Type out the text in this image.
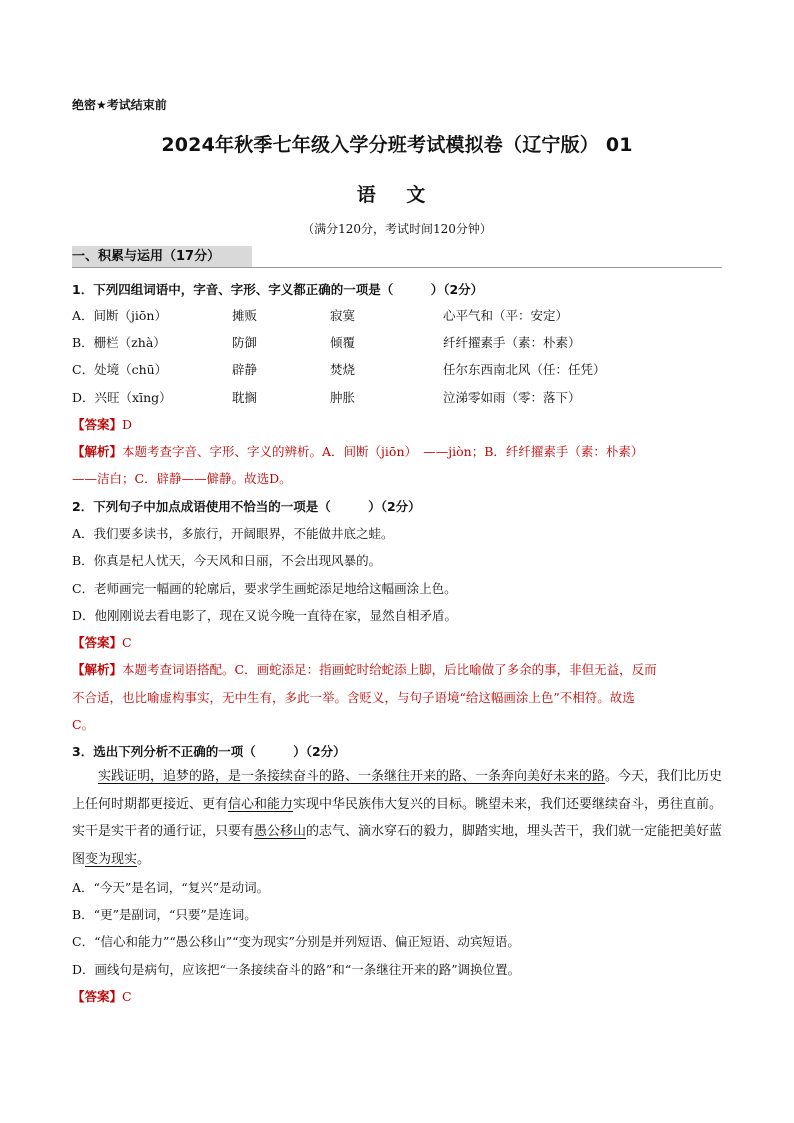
绝密★考试结束前
2024年秋季七年级入学分班考试模拟卷（辽宁版） 01
语 文
（满分120分，考试时间120分钟）
一、积累与运用（17分）
1．下列四组词语中，字音、字形、字义都正确的一项是（　　　）（2分）
A．间断（jiōn）	摊贩	寂寞	心平气和（平：安定）
B．栅栏（zhà）	防御	倾覆	纤纤擢素手（素：朴素）
C．处境（chū）	辟静	焚烧	任尔东西南北风（任：任凭）
D．兴旺（xīng）	耽搁	肿胀	泣涕零如雨（零：落下）
【答案】D
【解析】本题考查字音、字形、字义的辨析。A．间断（jiōn）　——jiòn；B．纤纤擢素手（素：朴素）
——洁白；C．辟静——僻静。故选D。
2．下列句子中加点成语使用不恰当的一项是（　　　）（2分）
A．我们要多读书，多旅行，开阔眼界，不能做井底之蛙。
B．你真是杞人忧天，今天风和日丽，不会出现风暴的。
C．老师画完一幅画的轮廓后，要求学生画蛇添足地给这幅画涂上色。
D．他刚刚说去看电影了，现在又说今晚一直待在家，显然自相矛盾。
【答案】C
【解析】本题考查词语搭配。C．画蛇添足：指画蛇时给蛇添上脚，后比喻做了多余的事，非但无益，反而
不合适，也比喻虚构事实，无中生有，多此一举。含贬义，与句子语境“给这幅画涂上色”不相符。故选
C。
3．选出下列分析不正确的一项（　　　）（2分）
实践证明，追梦的路，是一条接续奋斗的路、一条继往开来的路、一条奔向美好未来的路。今天，我们比历史上任何时期都更接近、更有信心和能力实现中华民族伟大复兴的目标。眺望未来，我们还要继续奋斗，勇往直前。实干是实干者的通行证，只要有愚公移山的志气、滴水穿石的毅力，脚踏实地，埋头苦干，我们就一定能把美好蓝图变为现实。
A．“今天”是名词，“复兴”是动词。
B．“更”是副词，“只要”是连词。
C．“信心和能力”“愚公移山”“变为现实”分别是并列短语、偏正短语、动宾短语。
D．画线句是病句，应该把“一条接续奋斗的路”和“一条继往开来的路”调换位置。
【答案】C
